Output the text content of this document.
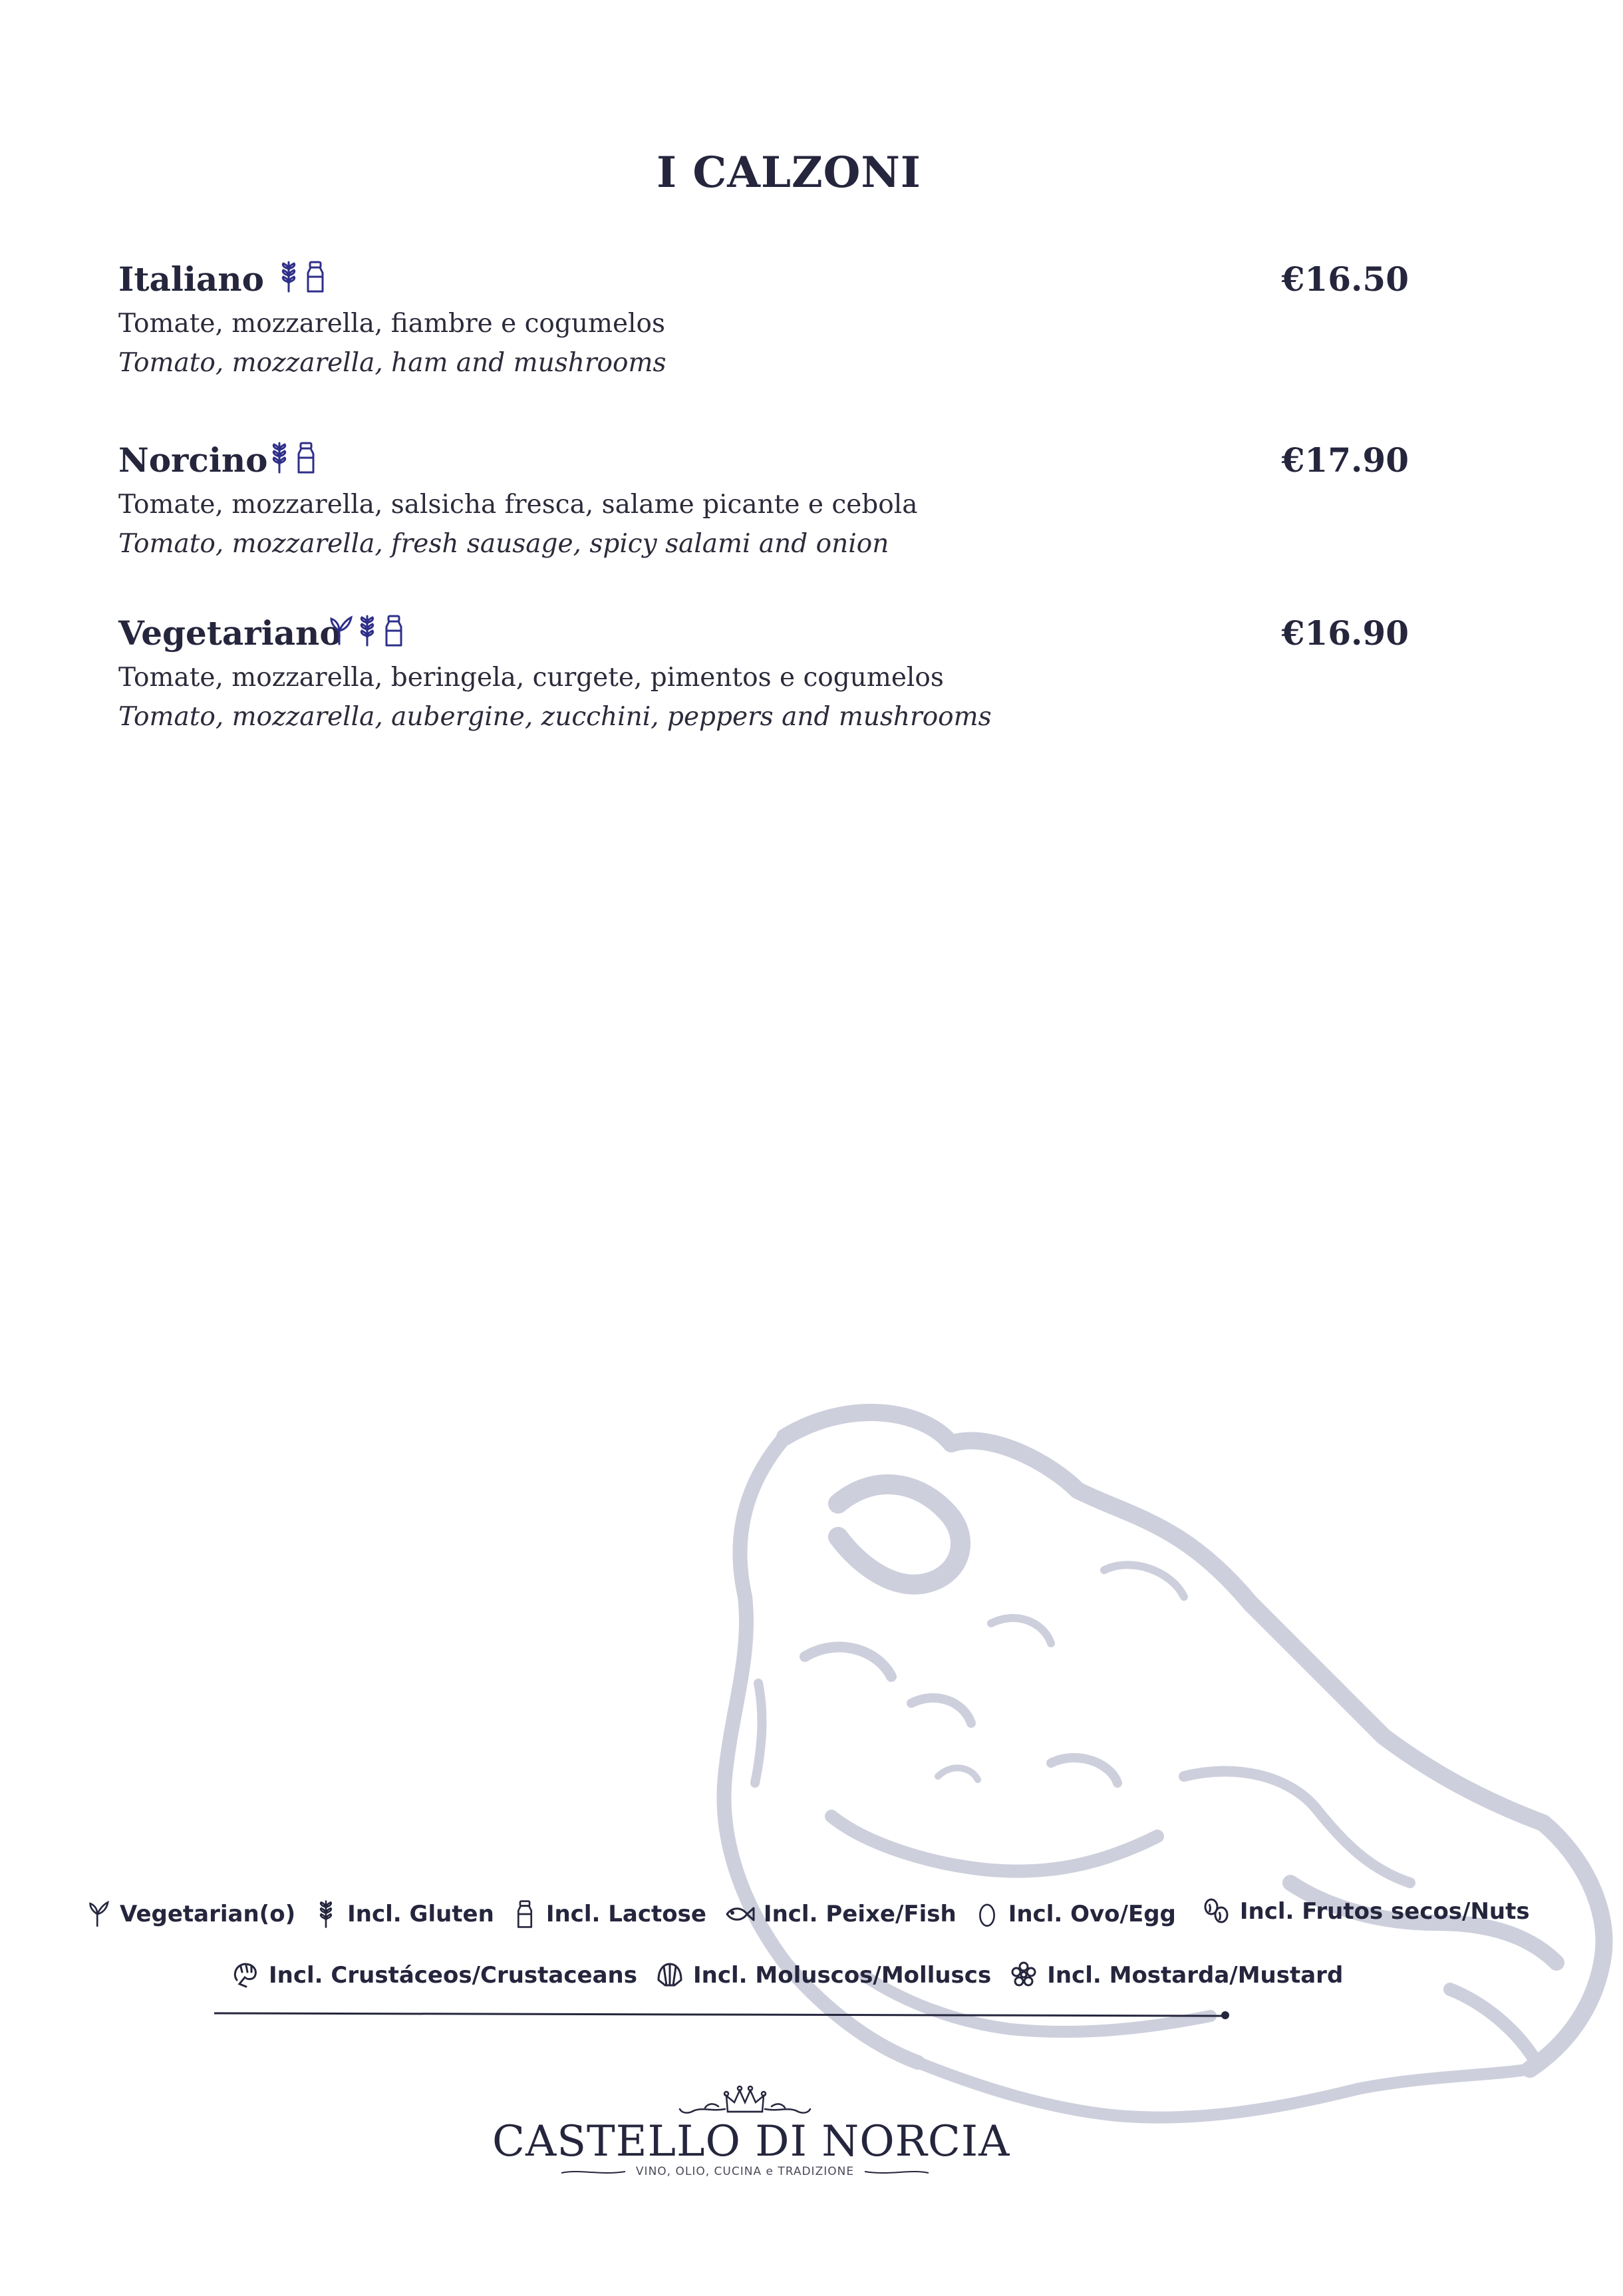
I CALZONI
Italiano	€16.50
Tomate, mozzarella, fiambre e cogumelos
Tomato, mozzarella, ham and mushrooms
Norcino	€17.90
Tomate, mozzarella, salsicha fresca, salame picante e cebola
Tomato, mozzarella, fresh sausage, spicy salami and onion
Vegetariano	€16.90
Tomate, mozzarella, beringela, curgete, pimentos e cogumelos
Tomato, mozzarella, aubergine, zucchini, peppers and mushrooms
Vegetarian(o) Incl. Gluten Incl. Lactose	Incl. Peixe/Fish Incl. Ovo/Egg	Incl. Frutos secos/Nuts
Incl. Crustáceos/Crustaceans Incl. Moluscos/Molluscs Incl. Mostarda/Mustard
CASTELLO DI NORCIA
VINO, OLIO, CUCINA e TRADIZIONE
